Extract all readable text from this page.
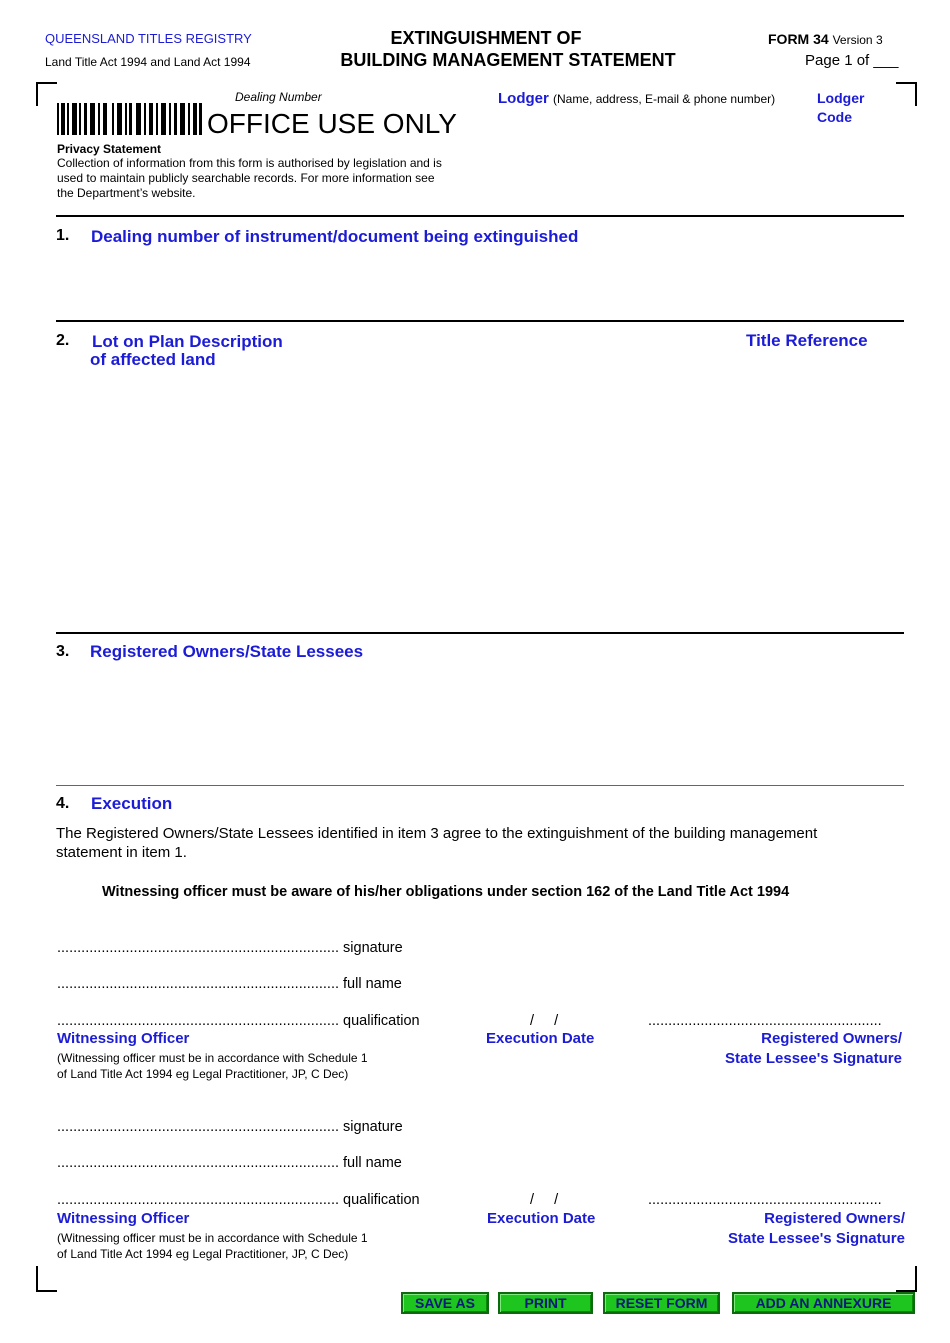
QUEENSLAND TITLES REGISTRY
Land Title Act 1994 and Land Act 1994
EXTINGUISHMENT OF
BUILDING MANAGEMENT STATEMENT
FORM 34 Version 3
Page 1 of ___
Dealing Number
OFFICE USE ONLY
Lodger (Name, address, E-mail & phone number)	Lodger
Code
Privacy Statement
Collection of information from this form is authorised by legislation and is
used to maintain publicly searchable records. For more information see
the Department’s website.
1. Dealing number of instrument/document being extinguished
2. Lot on Plan Description
of affected land
Title Reference
3. Registered Owners/State Lessees
4. Execution
The Registered Owners/State Lessees identified in item 3 agree to the extinguishment of the building management
statement in item 1.
Witnessing officer must be aware of his/her obligations under section 162 of the Land Title Act 1994
...................................................................... signature
...................................................................... full name
...................................................................... qualification
Witnessing Officer
(Witnessing officer must be in accordance with Schedule 1
of Land Title Act 1994 eg Legal Practitioner, JP, C Dec)
/     /
Execution Date
..........................................................
Registered Owners/
State Lessee's Signature
...................................................................... signature
...................................................................... full name
...................................................................... qualification
Witnessing Officer
(Witnessing officer must be in accordance with Schedule 1
of Land Title Act 1994 eg Legal Practitioner, JP, C Dec)
/     /
Execution Date
..........................................................
Registered Owners/
State Lessee's Signature
SAVE AS	PRINT	RESET FORM	ADD AN ANNEXURE
